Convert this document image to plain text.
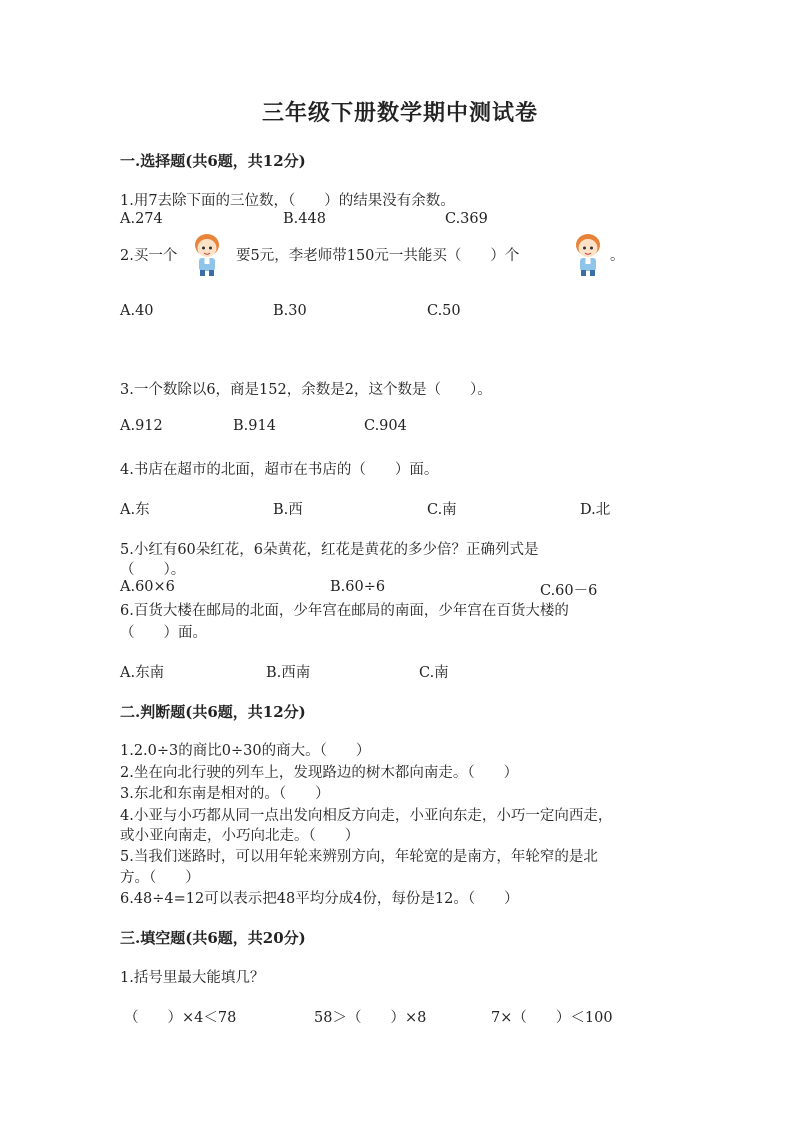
三年级下册数学期中测试卷
一.选择题(共6题，共12分)
1.用7去除下面的三位数，（　　）的结果没有余数。
A.274	B.448	C.369
2.买一个	要5元，李老师带150元一共能买（　　）个	。
A.40	B.30	C.50
3.一个数除以6，商是152，余数是2，这个数是（　　）。
A.912	B.914	C.904
4.书店在超市的北面，超市在书店的（　　）面。
A.东	B.西	C.南	D.北
5.小红有60朵红花，6朵黄花，红花是黄花的多少倍？正确列式是
（　　）。
A.60×6	B.60÷6	C.60－6
6.百货大楼在邮局的北面，少年宫在邮局的南面，少年宫在百货大楼的
（　　）面。
A.东南	B.西南	C.南
二.判断题(共6题，共12分)
1.2.0÷3的商比0÷30的商大。（　　）
2.坐在向北行驶的列车上，发现路边的树木都向南走。（　　）
3.东北和东南是相对的。（　　）
4.小亚与小巧都从同一点出发向相反方向走，小亚向东走，小巧一定向西走，
或小亚向南走，小巧向北走。（　　）
5.当我们迷路时，可以用年轮来辨别方向，年轮宽的是南方，年轮窄的是北
方。（　　）
6.48÷4=12可以表示把48平均分成4份，每份是12。（　　）
三.填空题(共6题，共20分)
1.括号里最大能填几？
（　　）×4＜78	58＞（　　）×8	7×（　　）＜100
